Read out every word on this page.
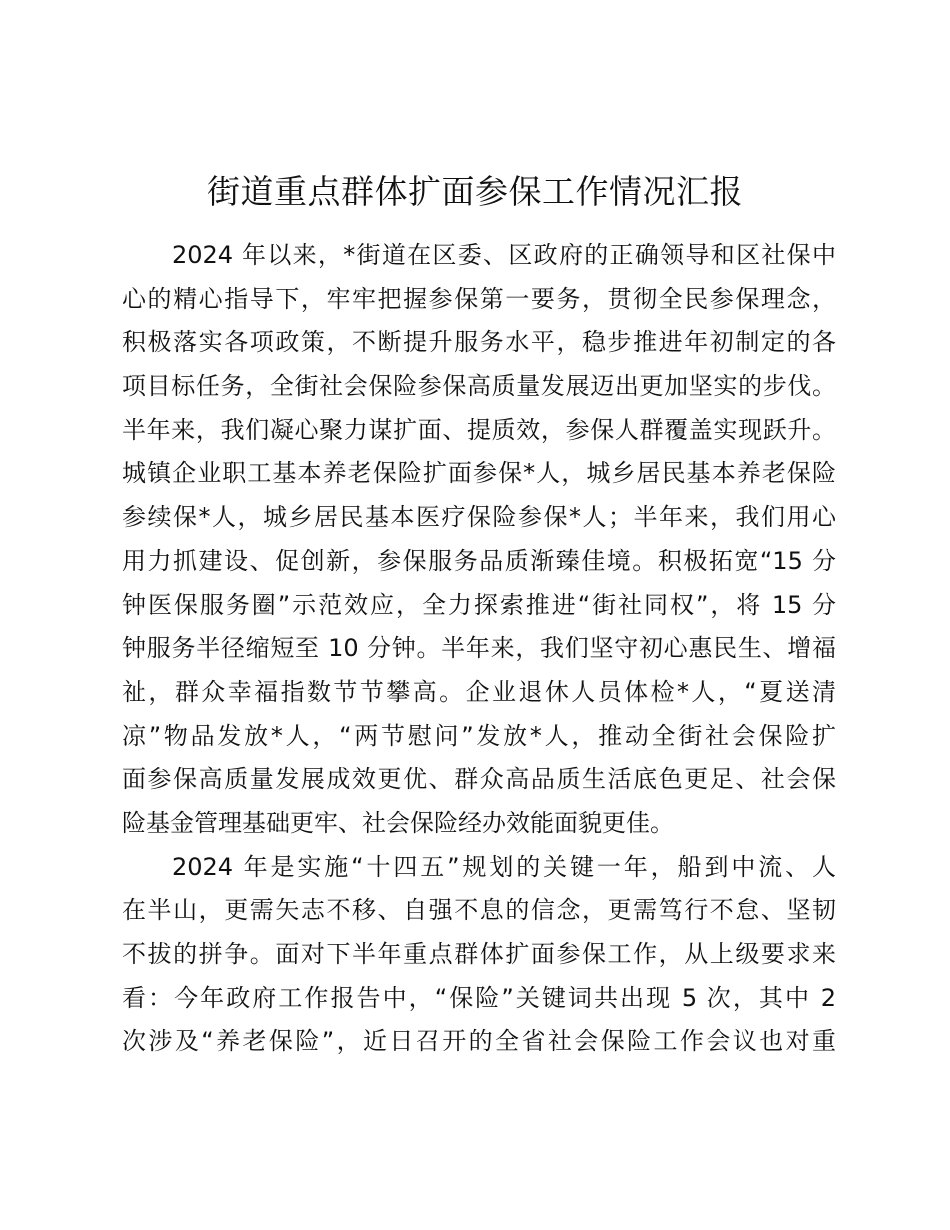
街道重点群体扩面参保工作情况汇报
2024 年以来，*街道在区委、区政府的正确领导和区社保中
心的精心指导下，牢牢把握参保第一要务，贯彻全民参保理念，
积极落实各项政策，不断提升服务水平，稳步推进年初制定的各
项目标任务，全街社会保险参保高质量发展迈出更加坚实的步伐。
半年来，我们凝心聚力谋扩面、提质效，参保人群覆盖实现跃升。
城镇企业职工基本养老保险扩面参保*人，城乡居民基本养老保险
参续保*人，城乡居民基本医疗保险参保*人；半年来，我们用心
用力抓建设、促创新，参保服务品质渐臻佳境。积极拓宽“15 分
钟医保服务圈”示范效应，全力探索推进“街社同权”，将 15 分
钟服务半径缩短至 10 分钟。半年来，我们坚守初心惠民生、增福
祉，群众幸福指数节节攀高。企业退休人员体检*人，“夏送清
凉”物品发放*人，“两节慰问”发放*人，推动全街社会保险扩
面参保高质量发展成效更优、群众高品质生活底色更足、社会保
险基金管理基础更牢、社会保险经办效能面貌更佳。
2024 年是实施“十四五”规划的关键一年，船到中流、人
在半山，更需矢志不移、自强不息的信念，更需笃行不怠、坚韧
不拔的拼争。面对下半年重点群体扩面参保工作，从上级要求来
看：今年政府工作报告中，“保险”关键词共出现 5 次，其中 2
次涉及“养老保险”，近日召开的全省社会保险工作会议也对重
